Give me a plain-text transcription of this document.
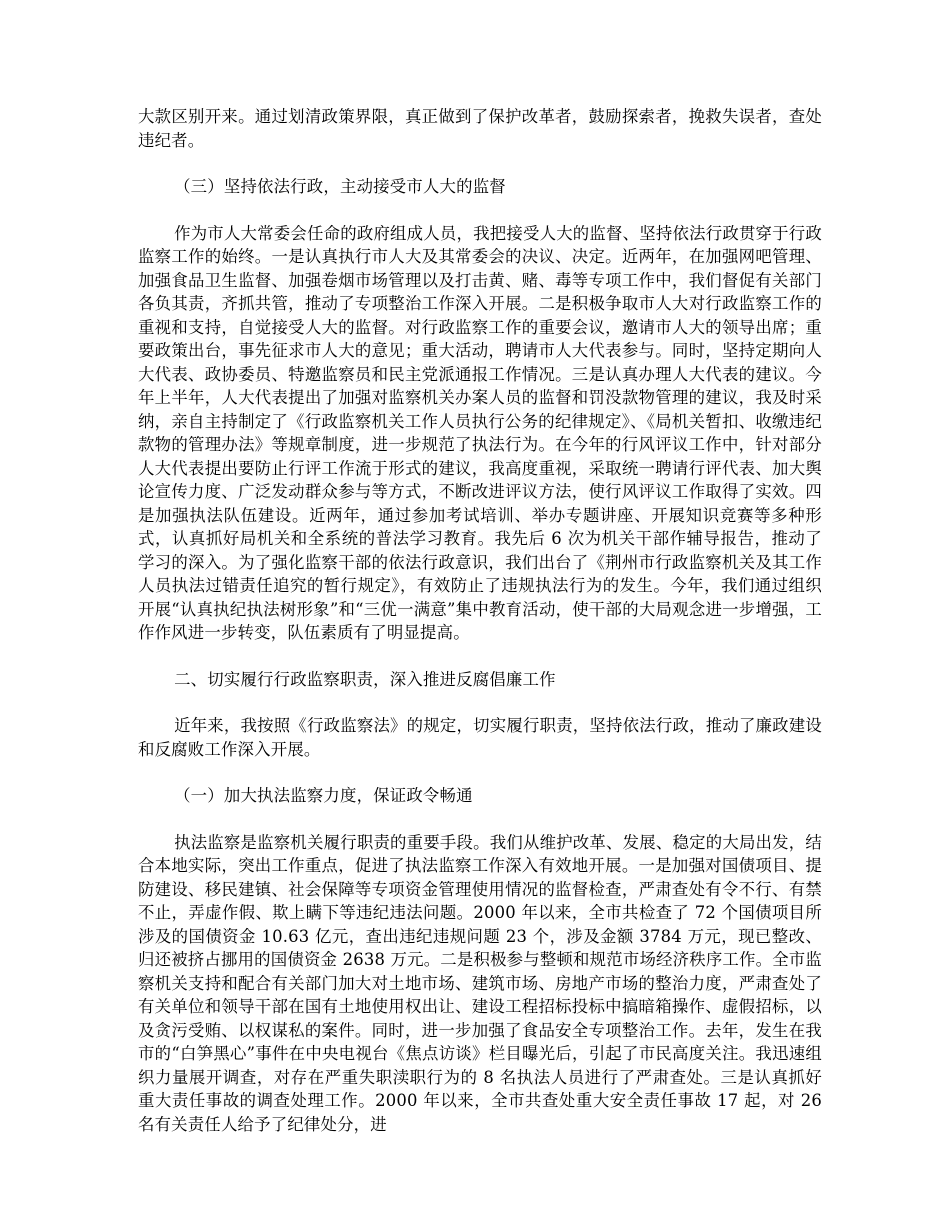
大款区别开来。通过划清政策界限，真正做到了保护改革者，鼓励探索者，挽救失误者，查处违纪者。

（三）坚持依法行政，主动接受市人大的监督

作为市人大常委会任命的政府组成人员，我把接受人大的监督、坚持依法行政贯穿于行政监察工作的始终。一是认真执行市人大及其常委会的决议、决定。近两年，在加强网吧管理、加强食品卫生监督、加强卷烟市场管理以及打击黄、赌、毒等专项工作中，我们督促有关部门各负其责，齐抓共管，推动了专项整治工作深入开展。二是积极争取市人大对行政监察工作的重视和支持，自觉接受人大的监督。对行政监察工作的重要会议，邀请市人大的领导出席；重要政策出台，事先征求市人大的意见；重大活动，聘请市人大代表参与。同时，坚持定期向人大代表、政协委员、特邀监察员和民主党派通报工作情况。三是认真办理人大代表的建议。今年上半年，人大代表提出了加强对监察机关办案人员的监督和罚没款物管理的建议，我及时采纳，亲自主持制定了《行政监察机关工作人员执行公务的纪律规定》、《局机关暂扣、收缴违纪款物的管理办法》等规章制度，进一步规范了执法行为。在今年的行风评议工作中，针对部分人大代表提出要防止行评工作流于形式的建议，我高度重视，采取统一聘请行评代表、加大舆论宣传力度、广泛发动群众参与等方式，不断改进评议方法，使行风评议工作取得了实效。四是加强执法队伍建设。近两年，通过参加考试培训、举办专题讲座、开展知识竞赛等多种形式，认真抓好局机关和全系统的普法学习教育。我先后 6 次为机关干部作辅导报告，推动了学习的深入。为了强化监察干部的依法行政意识，我们出台了《荆州市行政监察机关及其工作人员执法过错责任追究的暂行规定》，有效防止了违规执法行为的发生。今年，我们通过组织开展“认真执纪执法树形象”和“三优一满意”集中教育活动，使干部的大局观念进一步增强，工作作风进一步转变，队伍素质有了明显提高。

二、切实履行行政监察职责，深入推进反腐倡廉工作

近年来，我按照《行政监察法》的规定，切实履行职责，坚持依法行政，推动了廉政建设和反腐败工作深入开展。

（一）加大执法监察力度，保证政令畅通

执法监察是监察机关履行职责的重要手段。我们从维护改革、发展、稳定的大局出发，结合本地实际，突出工作重点，促进了执法监察工作深入有效地开展。一是加强对国债项目、提防建设、移民建镇、社会保障等专项资金管理使用情况的监督检查，严肃查处有令不行、有禁不止，弄虚作假、欺上瞒下等违纪违法问题。2000 年以来，全市共检查了 72 个国债项目所涉及的国债资金 10.63 亿元，查出违纪违规问题 23 个，涉及金额 3784 万元，现已整改、归还被挤占挪用的国债资金 2638 万元。二是积极参与整顿和规范市场经济秩序工作。全市监察机关支持和配合有关部门加大对土地市场、建筑市场、房地产市场的整治力度，严肃查处了有关单位和领导干部在国有土地使用权出让、建设工程招标投标中搞暗箱操作、虚假招标，以及贪污受贿、以权谋私的案件。同时，进一步加强了食品安全专项整治工作。去年，发生在我市的“白笋黑心”事件在中央电视台《焦点访谈》栏目曝光后，引起了市民高度关注。我迅速组织力量展开调查，对存在严重失职渎职行为的 8 名执法人员进行了严肃查处。三是认真抓好重大责任事故的调查处理工作。2000 年以来，全市共查处重大安全责任事故 17 起，对 26 名有关责任人给予了纪律处分，进
